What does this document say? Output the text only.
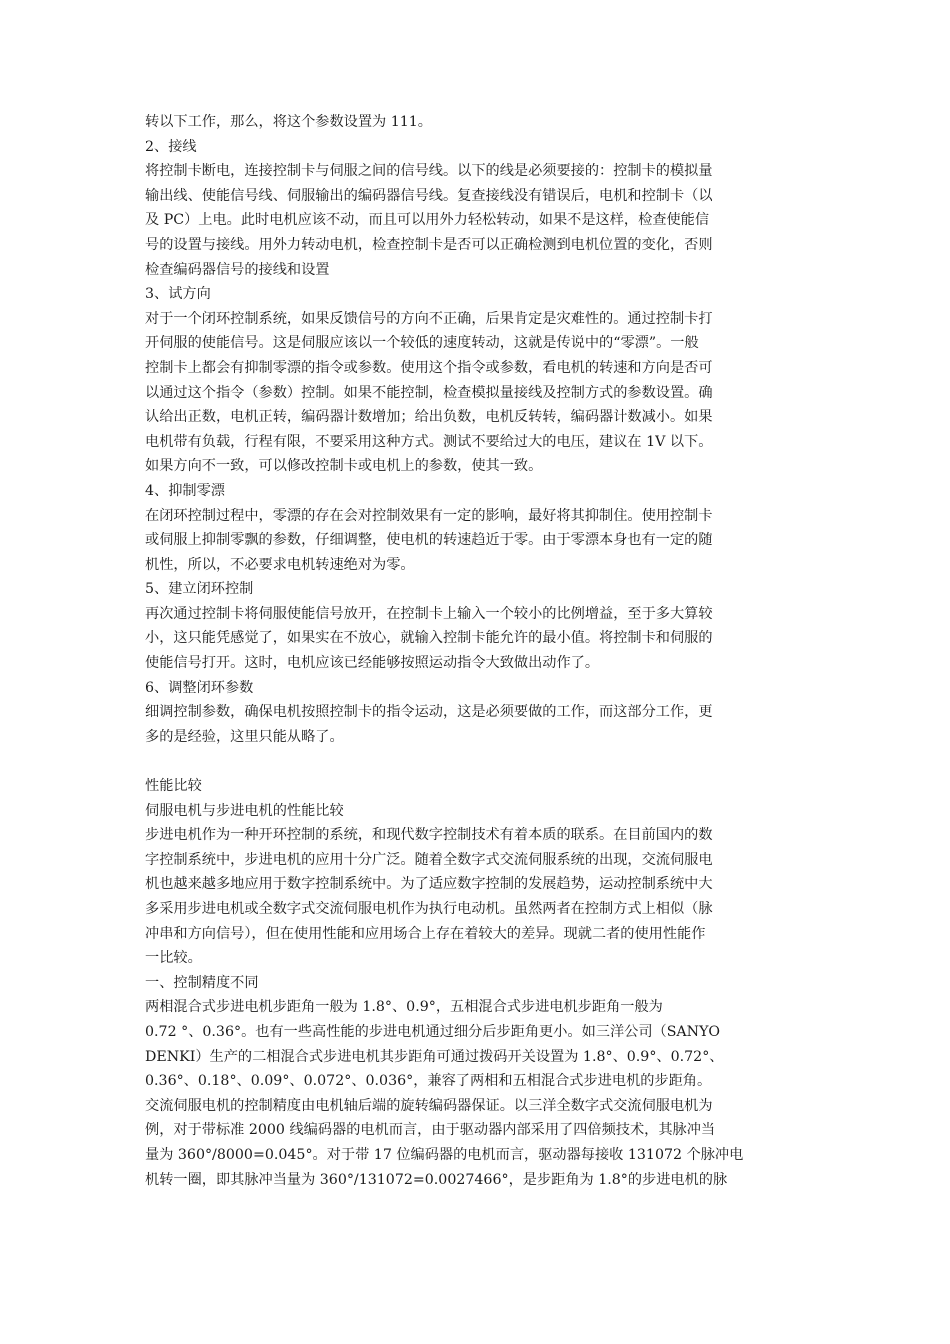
转以下工作，那么，将这个参数设置为 111。
2、接线
将控制卡断电，连接控制卡与伺服之间的信号线。以下的线是必须要接的：控制卡的模拟量
输出线、使能信号线、伺服输出的编码器信号线。复查接线没有错误后，电机和控制卡（以
及 PC）上电。此时电机应该不动，而且可以用外力轻松转动，如果不是这样，检查使能信
号的设置与接线。用外力转动电机，检查控制卡是否可以正确检测到电机位置的变化，否则
检查编码器信号的接线和设置
3、试方向
对于一个闭环控制系统，如果反馈信号的方向不正确，后果肯定是灾难性的。通过控制卡打
开伺服的使能信号。这是伺服应该以一个较低的速度转动，这就是传说中的“零漂”。一般
控制卡上都会有抑制零漂的指令或参数。使用这个指令或参数，看电机的转速和方向是否可
以通过这个指令（参数）控制。如果不能控制，检查模拟量接线及控制方式的参数设置。确
认给出正数，电机正转，编码器计数增加；给出负数，电机反转转，编码器计数减小。如果
电机带有负载，行程有限，不要采用这种方式。测试不要给过大的电压，建议在 1V 以下。
如果方向不一致，可以修改控制卡或电机上的参数，使其一致。
4、抑制零漂
在闭环控制过程中，零漂的存在会对控制效果有一定的影响，最好将其抑制住。使用控制卡
或伺服上抑制零飘的参数，仔细调整，使电机的转速趋近于零。由于零漂本身也有一定的随
机性，所以，不必要求电机转速绝对为零。
5、建立闭环控制
再次通过控制卡将伺服使能信号放开，在控制卡上输入一个较小的比例增益，至于多大算较
小，这只能凭感觉了，如果实在不放心，就输入控制卡能允许的最小值。将控制卡和伺服的
使能信号打开。这时，电机应该已经能够按照运动指令大致做出动作了。
6、调整闭环参数
细调控制参数，确保电机按照控制卡的指令运动，这是必须要做的工作，而这部分工作，更
多的是经验，这里只能从略了。
性能比较
伺服电机与步进电机的性能比较
步进电机作为一种开环控制的系统，和现代数字控制技术有着本质的联系。在目前国内的数
字控制系统中，步进电机的应用十分广泛。随着全数字式交流伺服系统的出现，交流伺服电
机也越来越多地应用于数字控制系统中。为了适应数字控制的发展趋势，运动控制系统中大
多采用步进电机或全数字式交流伺服电机作为执行电动机。虽然两者在控制方式上相似（脉
冲串和方向信号），但在使用性能和应用场合上存在着较大的差异。现就二者的使用性能作
一比较。
一、控制精度不同
两相混合式步进电机步距角一般为 1.8°、0.9°，五相混合式步进电机步距角一般为
0.72 °、0.36°。也有一些高性能的步进电机通过细分后步距角更小。如三洋公司（SANYO
DENKI）生产的二相混合式步进电机其步距角可通过拨码开关设置为 1.8°、0.9°、0.72°、
0.36°、0.18°、0.09°、0.072°、0.036°，兼容了两相和五相混合式步进电机的步距角。
交流伺服电机的控制精度由电机轴后端的旋转编码器保证。以三洋全数字式交流伺服电机为
例，对于带标准 2000 线编码器的电机而言，由于驱动器内部采用了四倍频技术，其脉冲当
量为 360°/8000=0.045°。对于带 17 位编码器的电机而言，驱动器每接收 131072 个脉冲电
机转一圈，即其脉冲当量为 360°/131072=0.0027466°，是步距角为 1.8°的步进电机的脉
